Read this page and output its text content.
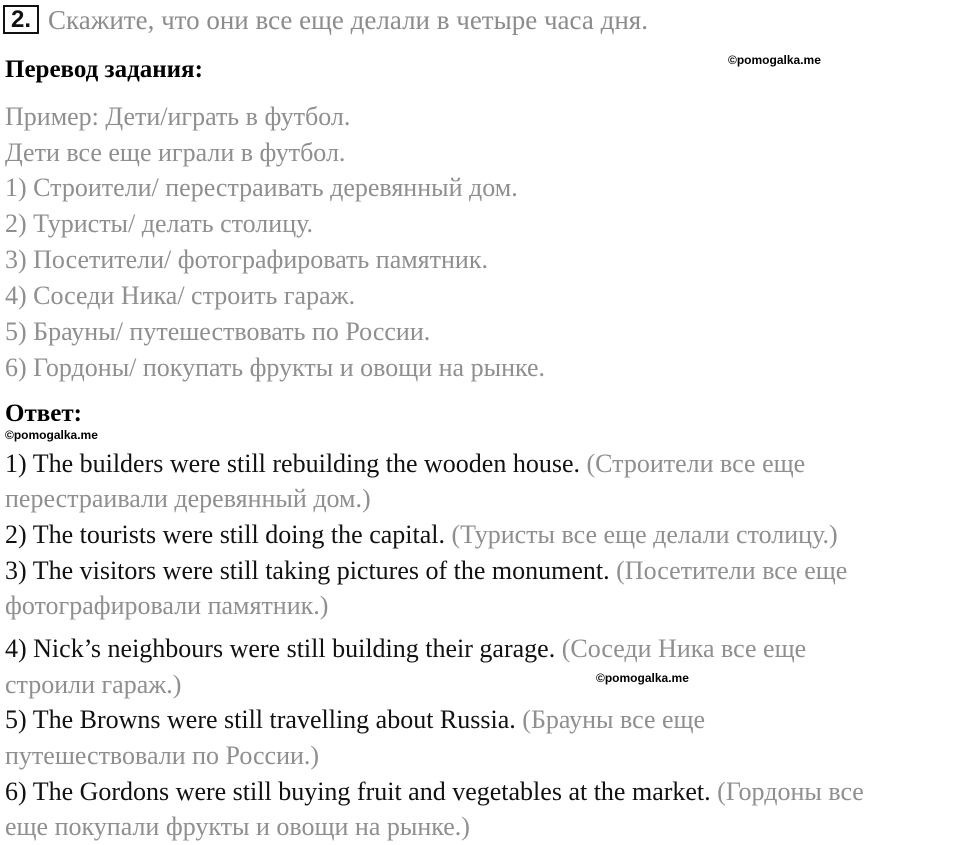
2. Скажите, что они все еще делали в четыре часа дня.
Перевод задания:	©pomogalka.me
Пример: Дети/играть в футбол.
Дети все еще играли в футбол.
1) Строители/ перестраивать деревянный дом.
2) Туристы/ делать столицу.
3) Посетители/ фотографировать памятник.
4) Соседи Ника/ строить гараж.
5) Брауны/ путешествовать по России.
6) Гордоны/ покупать фрукты и овощи на рынке.
Ответ:
©pomogalka.me
1) The builders were still rebuilding the wooden house. (Строители все еще
перестраивали деревянный дом.)
2) The tourists were still doing the capital. (Туристы все еще делали столицу.)
3) The visitors were still taking pictures of the monument. (Посетители все еще
фотографировали памятник.)
4) Nick’s neighbours were still building their garage. (Соседи Ника все еще
строили гараж.)	©pomogalka.me
5) The Browns were still travelling about Russia. (Брауны все еще
путешествовали по России.)
6) The Gordons were still buying fruit and vegetables at the market. (Гордоны все
еще покупали фрукты и овощи на рынке.)
